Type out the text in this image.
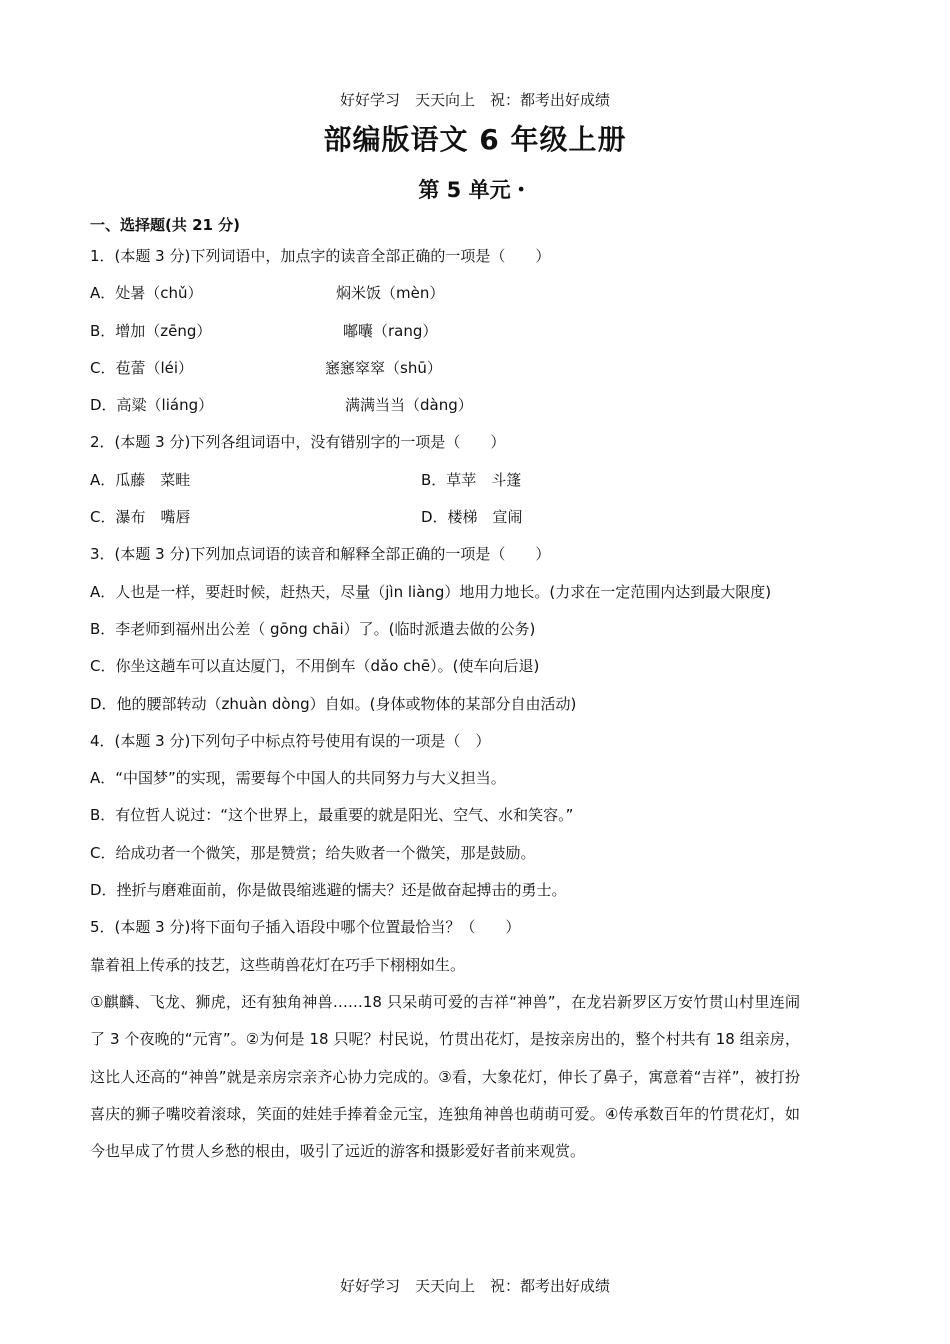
好好学习　天天向上　祝：都考出好成绩
部编版语文 6 年级上册
第 5 单元・
一、选择题(共 21 分)
1．(本题 3 分)下列词语中，加点字的读音全部正确的一项是（　　）
A．处暑（chǔ）	焖米饭（mèn）
B．增加（zēng）	嘟囔（rang）
C．苞蕾（léi）	窸窸窣窣（shū）
D．高粱（liáng）	满满当当（dàng）
2．(本题 3 分)下列各组词语中，没有错别字的一项是（　　）
A．瓜藤　菜畦	B．草苹　斗篷
C．瀑布　嘴唇	D．楼梯　宣闹
3．(本题 3 分)下列加点词语的读音和解释全部正确的一项是（　　）
A．人也是一样，要赶时候，赶热天，尽量（jìn liàng）地用力地长。(力求在一定范围内达到最大限度)
B．李老师到福州出公差（ gōng chāi）了。(临时派遣去做的公务)
C．你坐这趟车可以直达厦门，不用倒车（dǎo chē）。(使车向后退)
D．他的腰部转动（zhuàn dòng）自如。(身体或物体的某部分自由活动)
4．(本题 3 分)下列句子中标点符号使用有误的一项是（　）
A．“中国梦”的实现，需要每个中国人的共同努力与大义担当。
B．有位哲人说过：“这个世界上，最重要的就是阳光、空气、水和笑容。”
C．给成功者一个微笑，那是赞赏；给失败者一个微笑，那是鼓励。
D．挫折与磨难面前，你是做畏缩逃避的懦夫？还是做奋起搏击的勇士。
5．(本题 3 分)将下面句子插入语段中哪个位置最恰当？（　　）
靠着祖上传承的技艺，这些萌兽花灯在巧手下栩栩如生。
①麒麟、飞龙、狮虎，还有独角神兽……18 只呆萌可爱的吉祥“神兽”，在龙岩新罗区万安竹贯山村里连闹了 3 个夜晚的“元宵”。②为何是 18 只呢？村民说，竹贯出花灯，是按亲房出的，整个村共有 18 组亲房，这比人还高的“神兽”就是亲房宗亲齐心协力完成的。③看，大象花灯，伸长了鼻子，寓意着“吉祥”，被打扮喜庆的狮子嘴咬着滚球，笑面的娃娃手捧着金元宝，连独角神兽也萌萌可爱。④传承数百年的竹贯花灯，如今也早成了竹贯人乡愁的根由，吸引了远近的游客和摄影爱好者前来观赏。
好好学习　天天向上　祝：都考出好成绩
